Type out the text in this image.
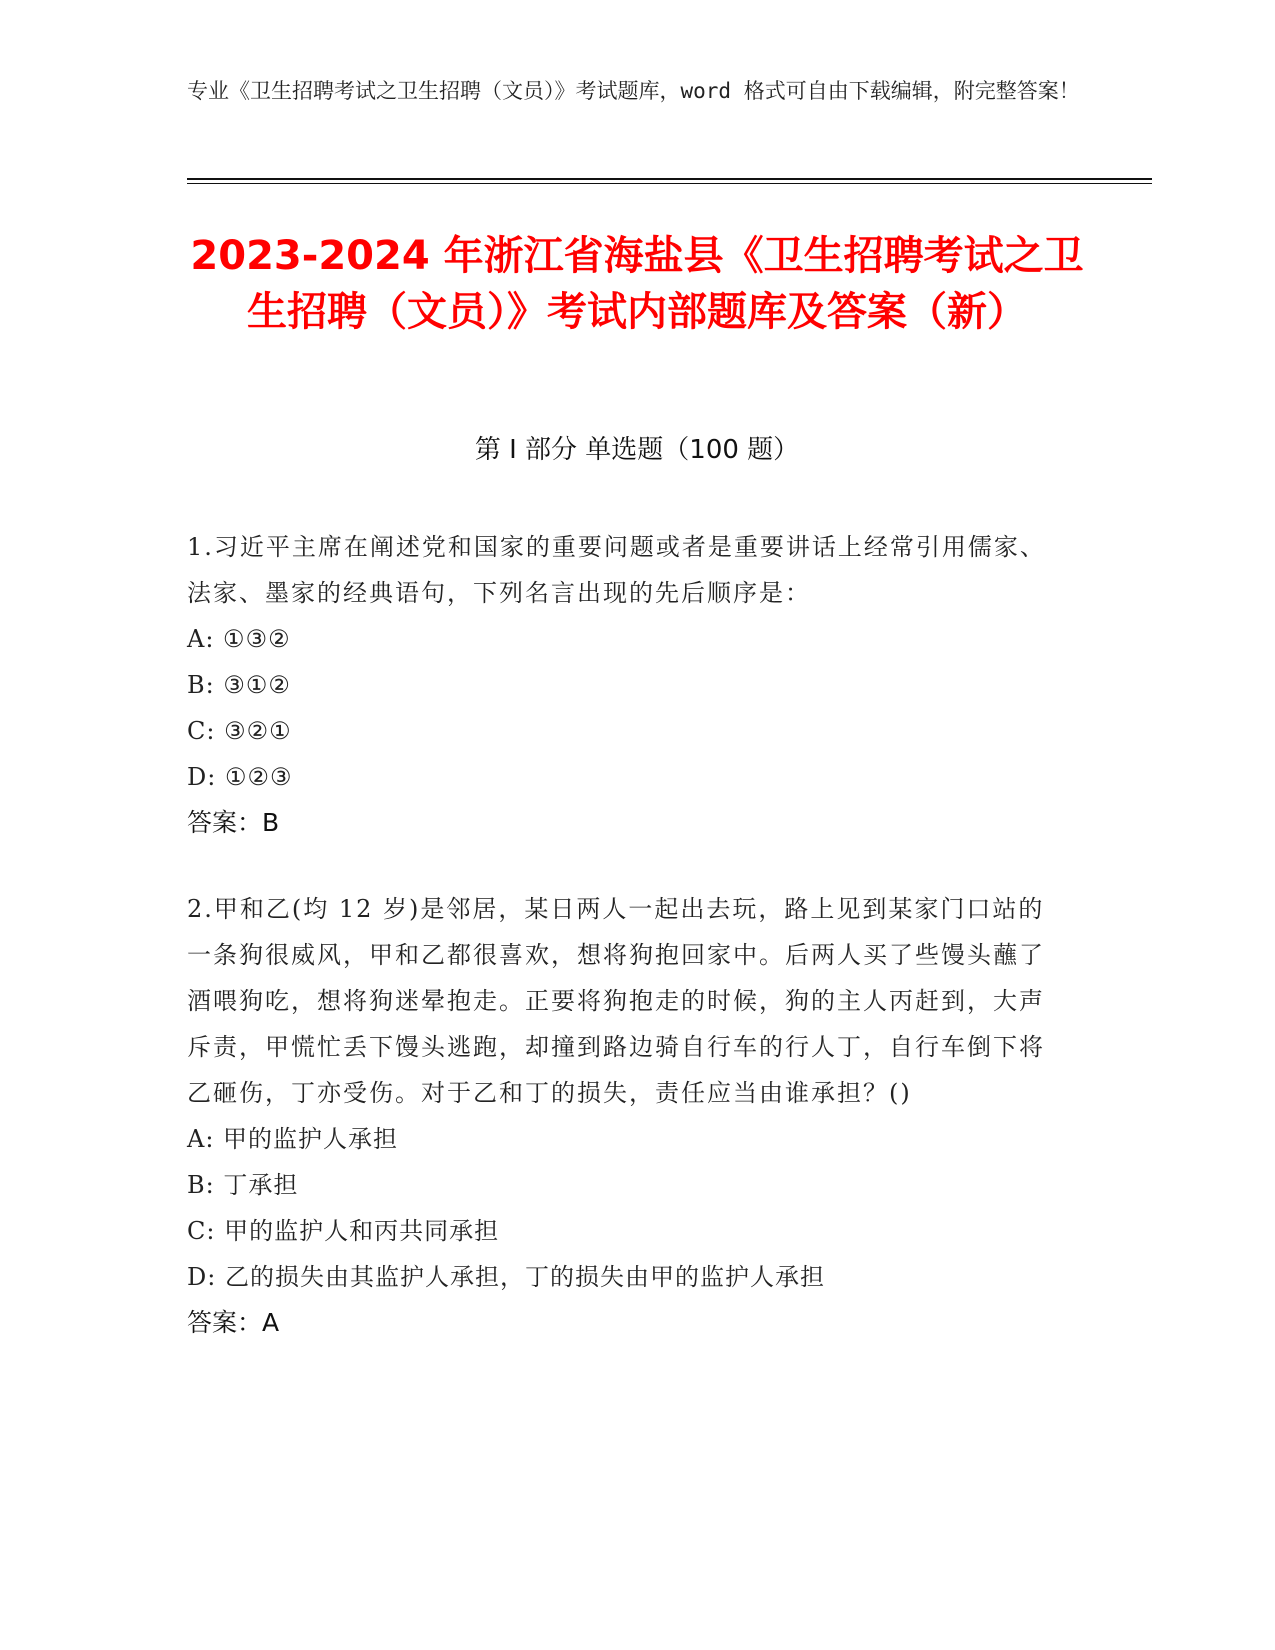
专业《卫生招聘考试之卫生招聘（文员）》考试题库，word 格式可自由下载编辑，附完整答案！
2023-2024 年浙江省海盐县《卫生招聘考试之卫生招聘（文员）》考试内部题库及答案（新）
第 I 部分 单选题（100 题）
1.习近平主席在阐述党和国家的重要问题或者是重要讲话上经常引用儒家、法家、墨家的经典语句，下列名言出现的先后顺序是：
A: ①③②
B: ③①②
C: ③②①
D: ①②③
答案：B
2.甲和乙(均 12 岁)是邻居，某日两人一起出去玩，路上见到某家门口站的一条狗很威风，甲和乙都很喜欢，想将狗抱回家中。后两人买了些馒头蘸了酒喂狗吃，想将狗迷晕抱走。正要将狗抱走的时候，狗的主人丙赶到，大声斥责，甲慌忙丢下馒头逃跑，却撞到路边骑自行车的行人丁，自行车倒下将乙砸伤，丁亦受伤。对于乙和丁的损失，责任应当由谁承担？()
A: 甲的监护人承担
B: 丁承担
C: 甲的监护人和丙共同承担
D: 乙的损失由其监护人承担，丁的损失由甲的监护人承担
答案：A
